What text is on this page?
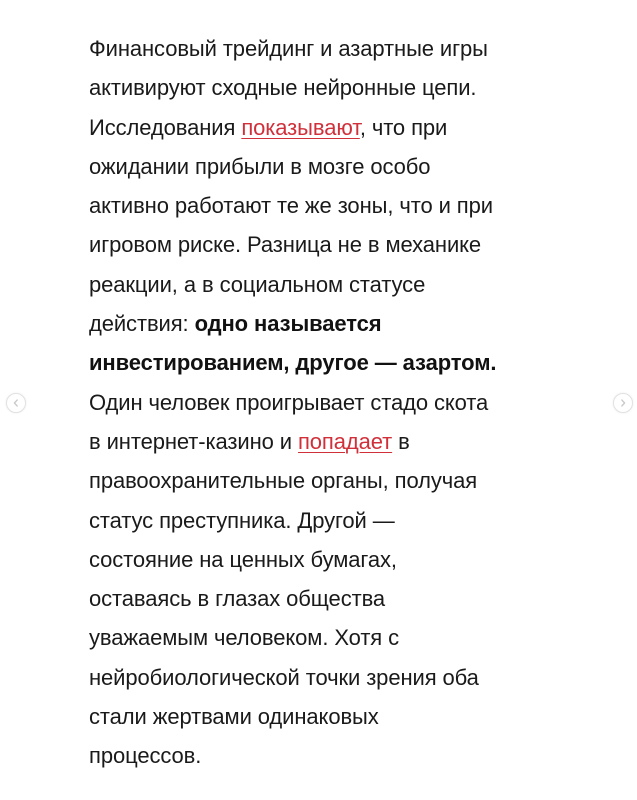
Финансовый трейдинг и азартные игры
активируют сходные нейронные цепи.
Исследования показывают, что при
ожидании прибыли в мозге особо
активно работают те же зоны, что и при
игровом риске. Разница не в механике
реакции, а в социальном статусе
действия: одно называется
инвестированием, другое — азартом.
Один человек проигрывает стадо скота
в интернет-казино и попадает в
правоохранительные органы, получая
статус преступника. Другой —
состояние на ценных бумагах,
оставаясь в глазах общества
уважаемым человеком. Хотя с
нейробиологической точки зрения оба
стали жертвами одинаковых
процессов.
